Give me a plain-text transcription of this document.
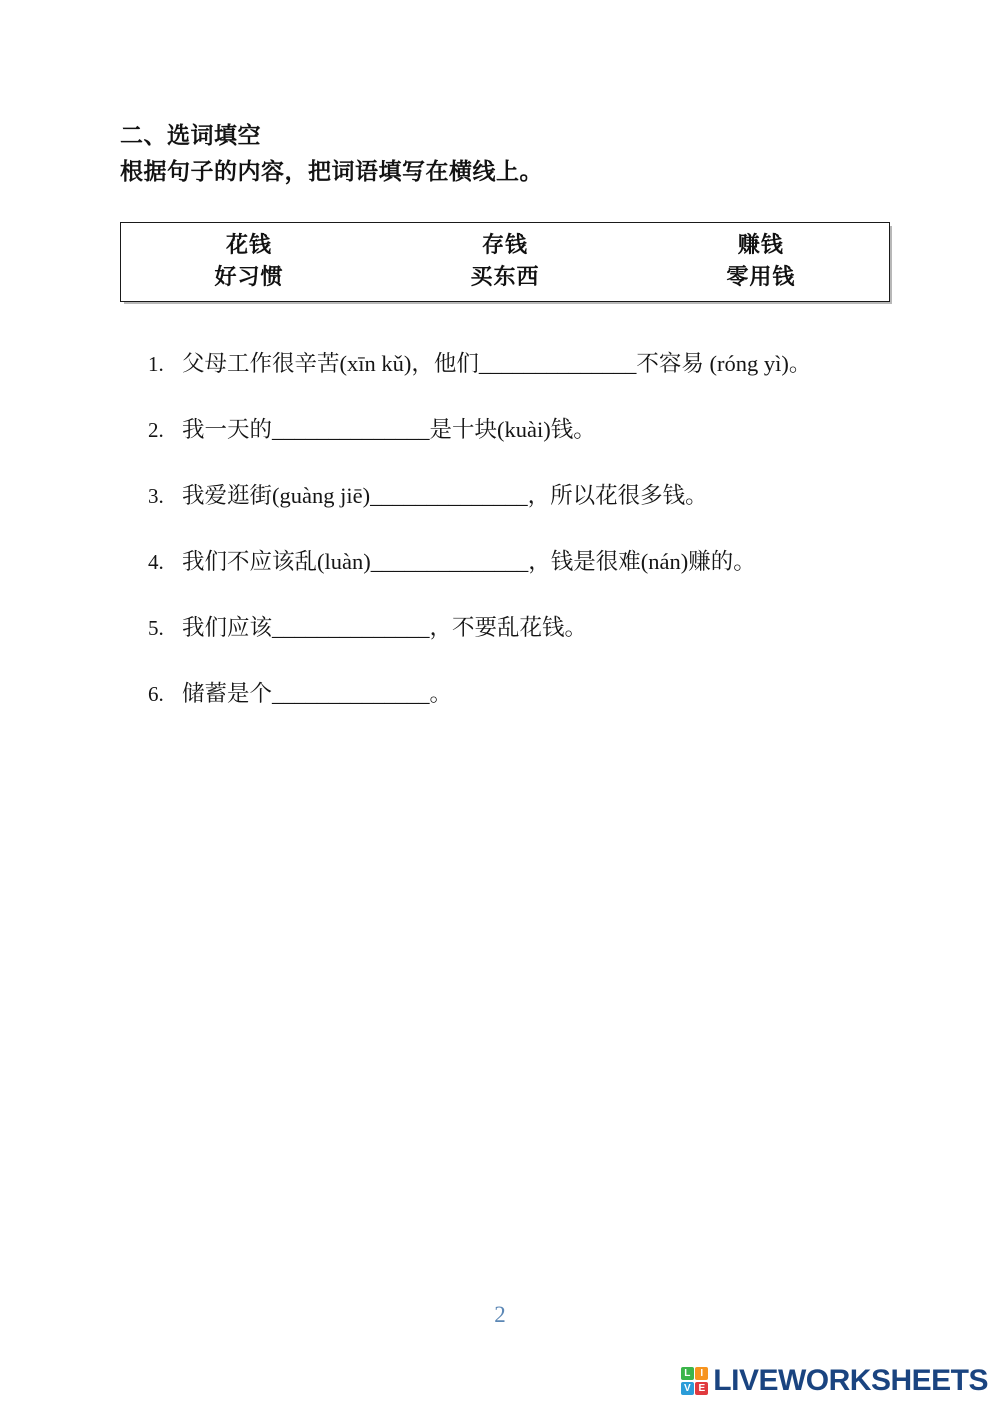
二、选词填空
根据句子的内容，把词语填写在横线上。
花钱	存钱	赚钱
好习惯	买东西	零用钱
1. 父母工作很辛苦(xīn kǔ)，他们______________不容易 (róng yì)。
2. 我一天的______________是十块(kuài)钱。
3. 我爱逛街(guàng jiē)______________，所以花很多钱。
4. 我们不应该乱(luàn)______________，钱是很难(nán)赚的。
5. 我们应该______________，不要乱花钱。
6. 储蓄是个______________。
2
L	I
V E LIVEWORKSHEETS
